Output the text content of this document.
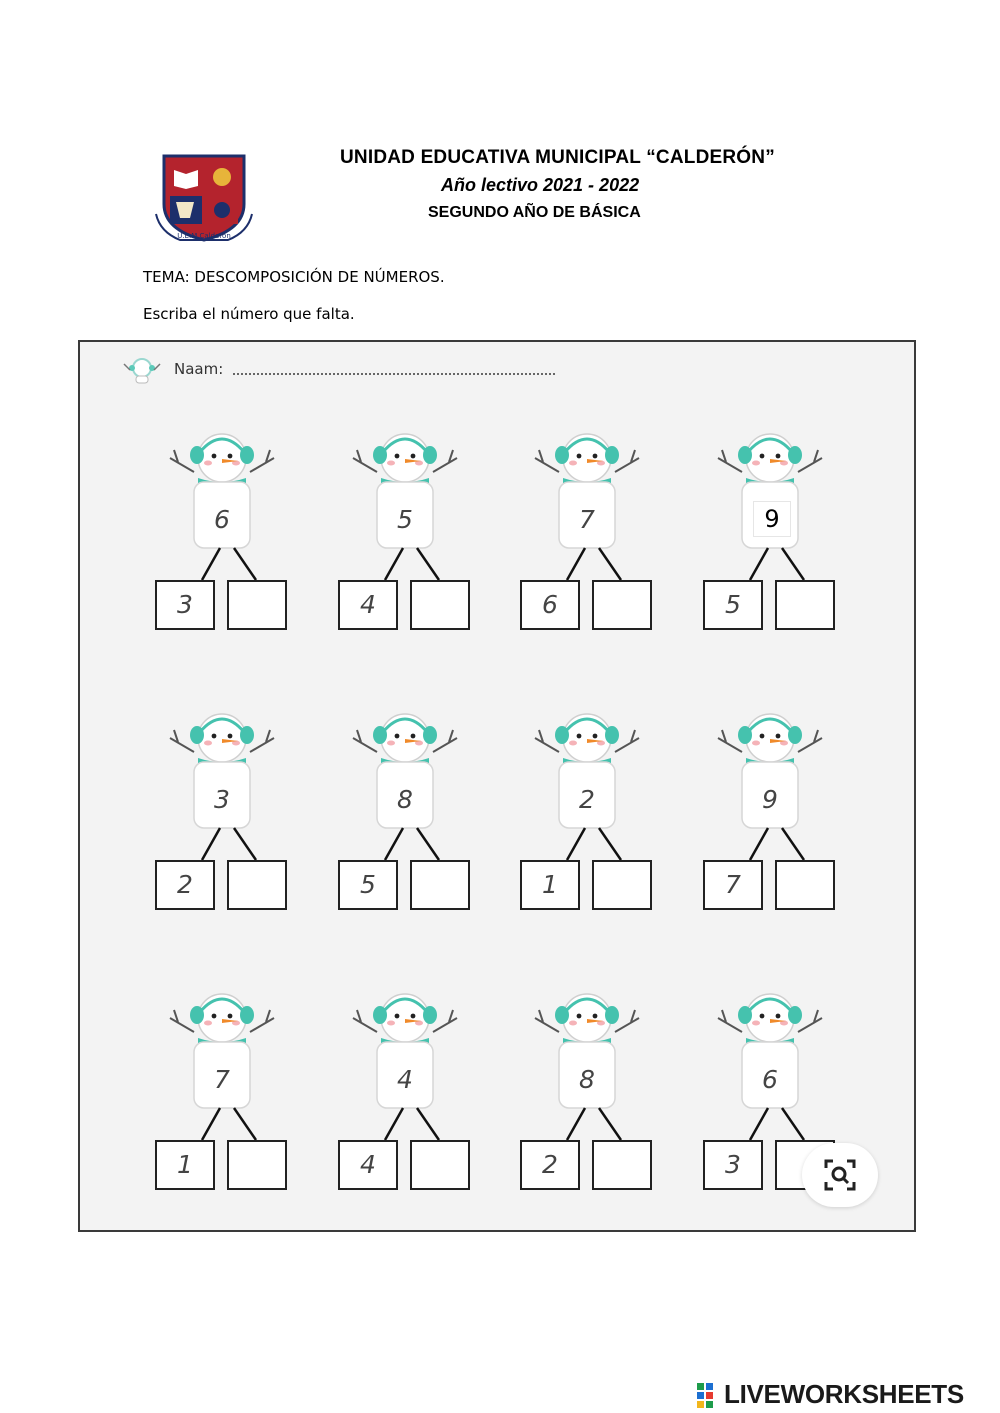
U.E.M Calderón
UNIDAD EDUCATIVA MUNICIPAL “CALDERÓN”
Año lectivo 2021 - 2022
SEGUNDO AÑO DE BÁSICA
TEMA: DESCOMPOSICIÓN DE NÚMEROS.
Escriba el número que falta.
Naam:
6
3
5
4
7
6
9
5
3
2
8
5
2
1
9
7
7
1
4
4
8
2
6
3
LIVEWORKSHEETS
